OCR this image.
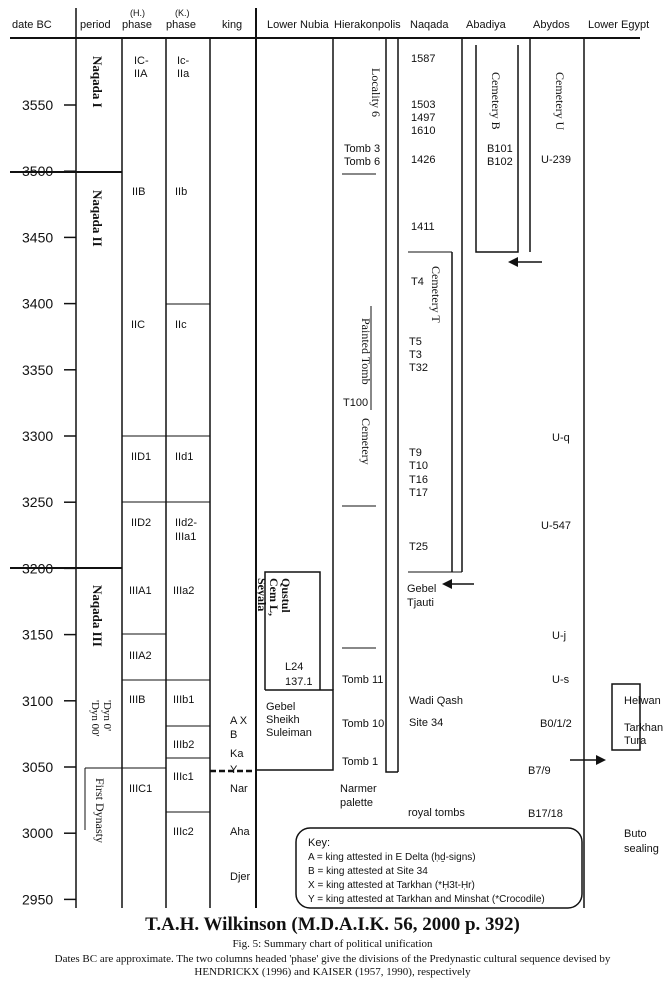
date BC	period
(H.)
phase
(K.)
phase king Lower Nubia Hierakonpolis Naqada Abadiya Abydos Lower Egypt
3550
3500
3450
3400
3350
3300
3250
3200
3150
3100
3050
3000
2950
Naqada I
Naqada II
Naqada III
'Dyn 00' 'Dyn 0'
First Dynasty
IC-
IIA
IIB
IIC
IID1
IID2
IIIA1
IIIA2
IIIB
IIIC1
Ic-
IIa
IIb
IIc
IId1
IId2-
IIIa1
IIIa2
IIIb1
IIIb2
IIIc1
IIIc2
A X
B
Ka
Y
Nar
Aha
Djer
Qustul
Cem L,
Seyala
L24
137.1
Gebel
Sheikh
Suleiman
Locality 6
Painted Tomb
Cemetery
Tomb 3
Tomb 6
T100
Tomb 11
Tomb 10
Tomb 1
Cemetery T
1587
1503
1497
1610
1426
1411
T4
T5
T3
T32
T9
T10
T16
T17
T25
Gebel
Tjauti
Wadi Qash
Site 34
Narmer
palette
royal tombs
Cemetery B
B101
B102
Cemetery U
U-239
U-q
U-547
U-j
U-s
B0/1/2
B7/9
B17/18
Helwan
Tarkhan
Tura
Buto
sealing
Key:
A = king attested in E Delta (ḥḏ-signs)
B = king attested at Site 34
X = king attested at Tarkhan (*Ḥ3t-Ḥr)
Y = king attested at Tarkhan and Minshat (*Crocodile)
T.A.H. Wilkinson (M.D.A.I.K. 56, 2000 p. 392)
Fig. 5: Summary chart of political unification
Dates BC are approximate. The two columns headed 'phase' give the divisions of the Predynastic cultural sequence devised by HENDRICKX (1996) and KAISER (1957, 1990), respectively
